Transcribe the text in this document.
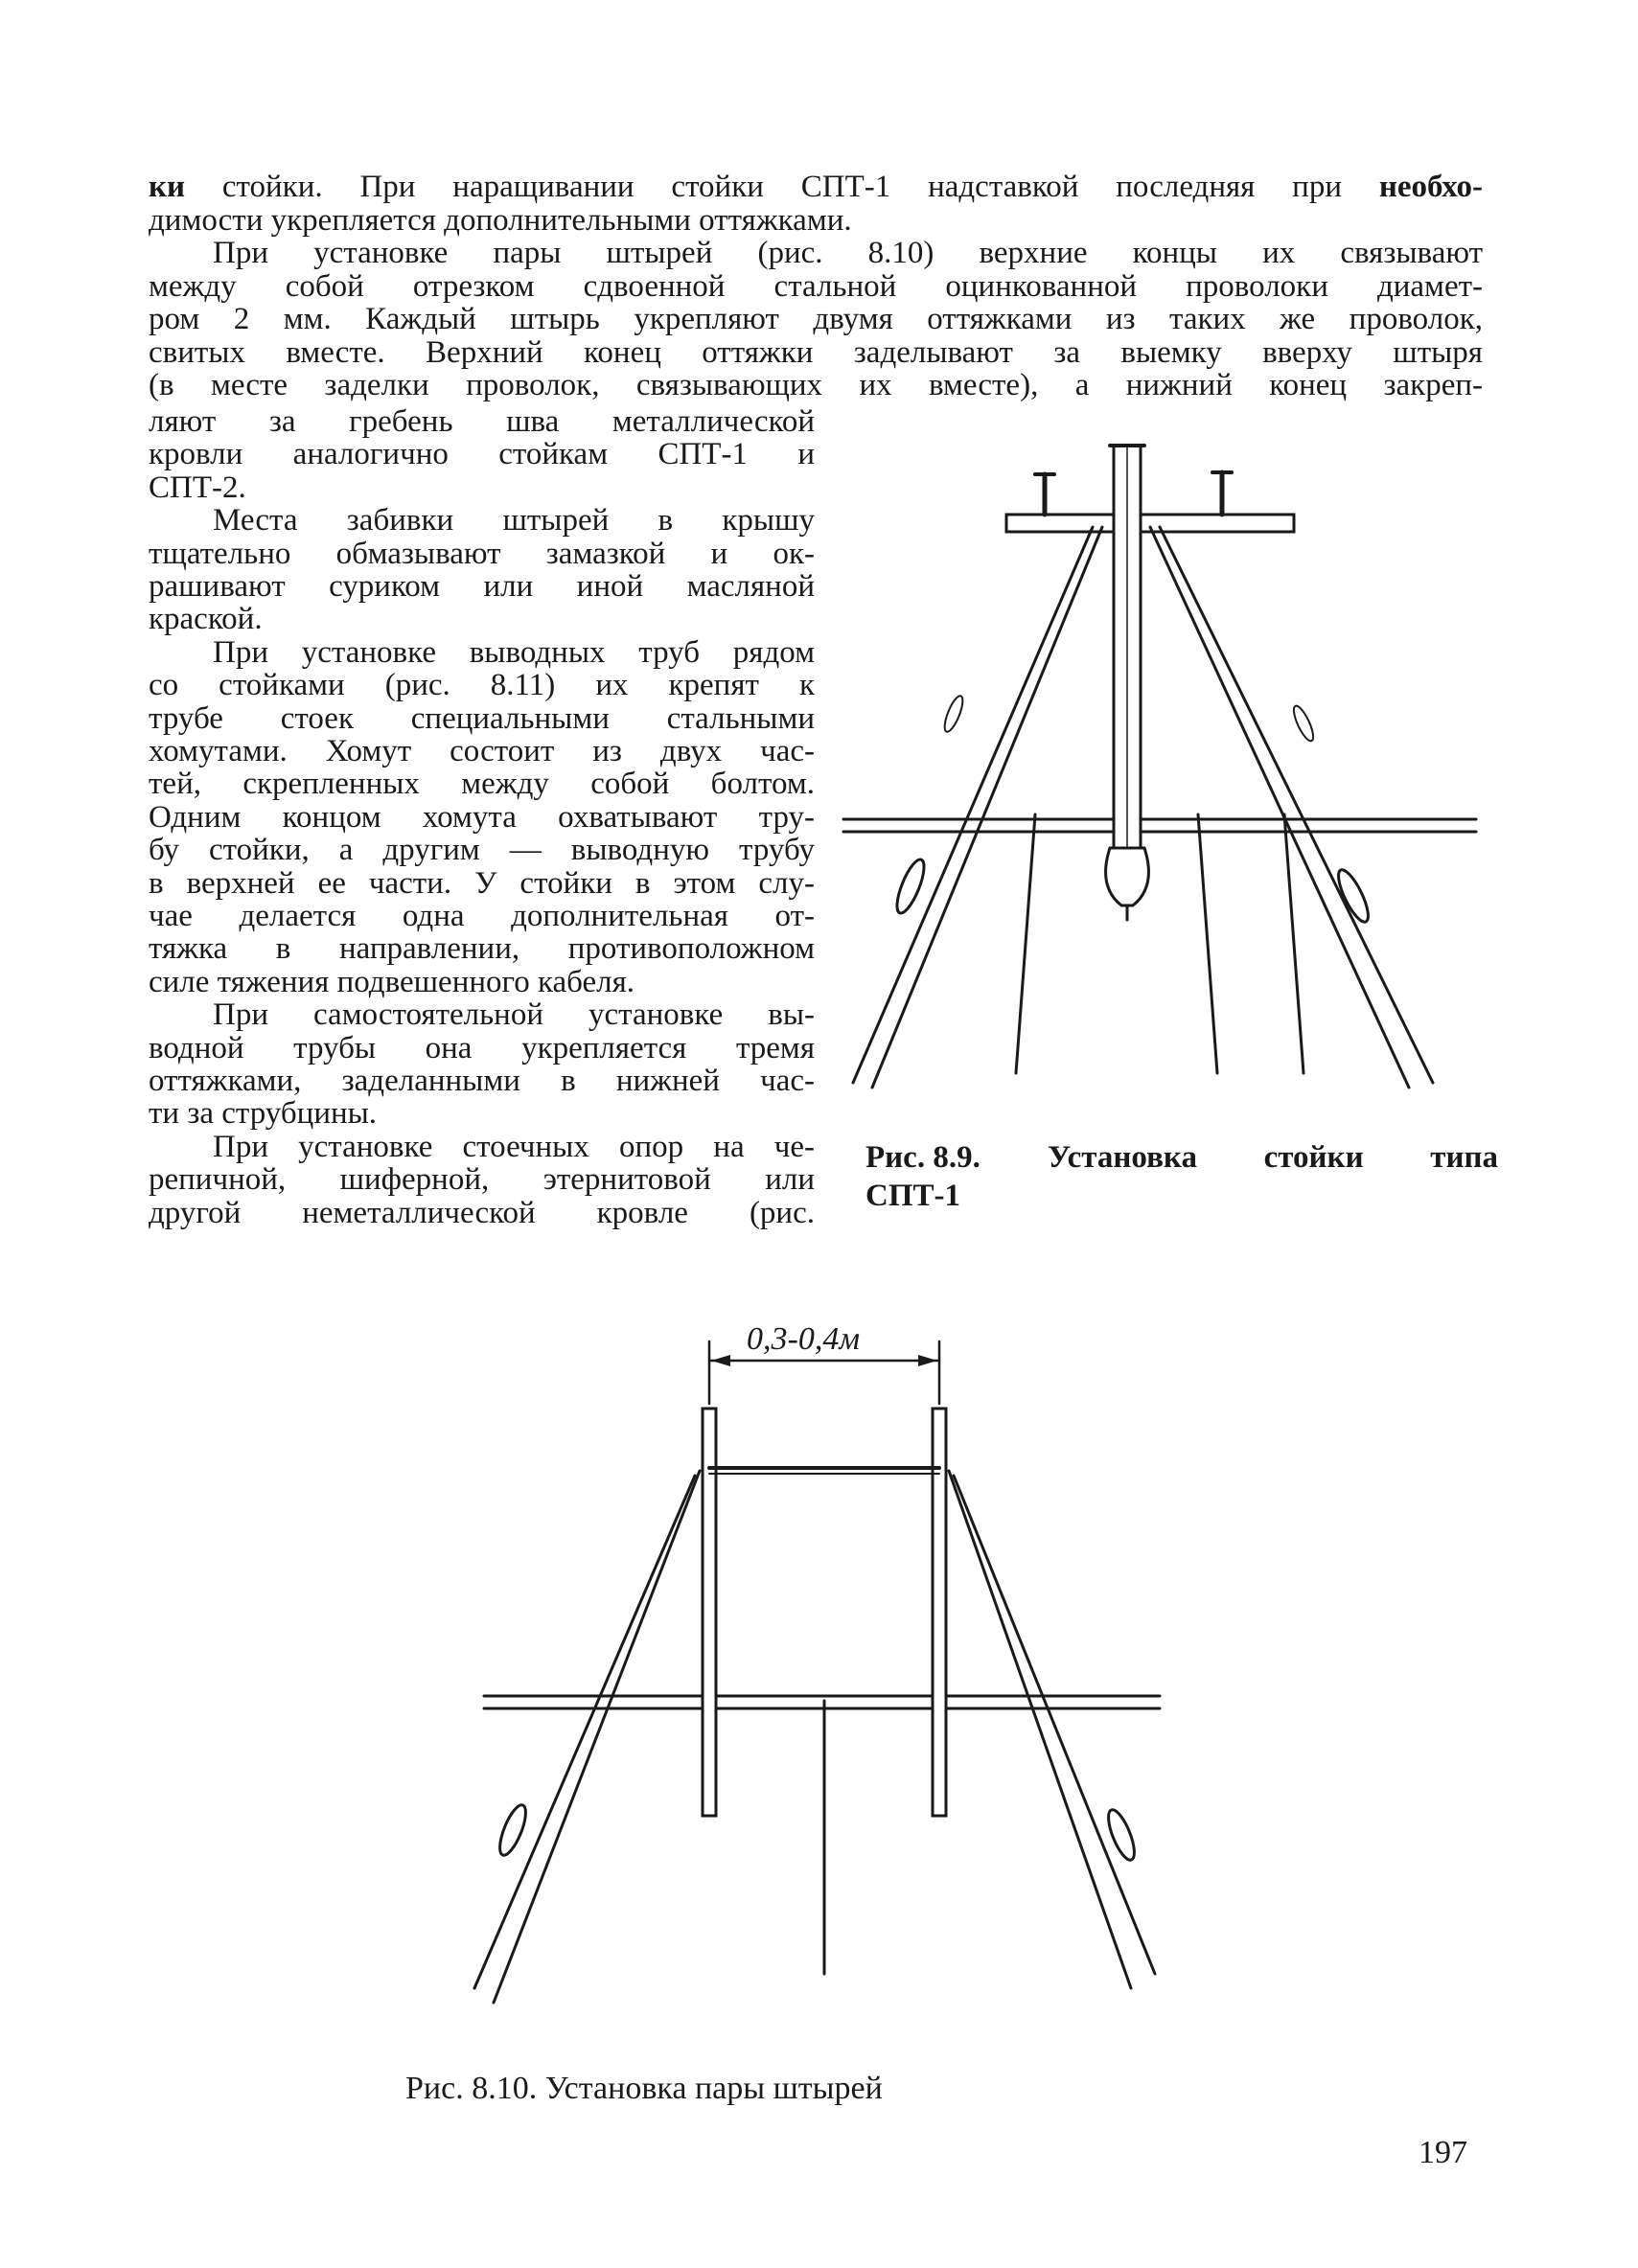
ки стойки. При наращивании стойки СПТ-1 надставкой последняя при необхо-
димости укрепляется дополнительными оттяжками.
При установке пары штырей (рис. 8.10) верхние концы их связывают
между собой отрезком сдвоенной стальной оцинкованной проволоки диамет-
ром 2 мм. Каждый штырь укрепляют двумя оттяжками из таких же проволок,
свитых вместе. Верхний конец оттяжки заделывают за выемку вверху штыря
(в месте заделки проволок, связывающих их вместе), а нижний конец закреп-
ляют за гребень шва металлической
кровли аналогично стойкам СПТ-1 и
СПТ-2.
Места забивки штырей в крышу
тщательно обмазывают замазкой и ок-
рашивают суриком или иной масляной
краской.
При установке выводных труб рядом
со стойками (рис. 8.11) их крепят к
трубе стоек специальными стальными
хомутами. Хомут состоит из двух час-
тей, скрепленных между собой болтом.
Одним концом хомута охватывают тру-
бу стойки, а другим — выводную трубу
в верхней ее части. У стойки в этом слу-
чае делается одна дополнительная от-
тяжка в направлении, противоположном
силе тяжения подвешенного кабеля.
При самостоятельной установке вы-
водной трубы она укрепляется тремя
оттяжками, заделанными в нижней час-
ти за струбцины.
При установке стоечных опор на че-
репичной, шиферной, этернитовой или
другой неметаллической кровле (рис.
Рис. 8.9. Установка стойки типа
СПТ-1
0,3-0,4м
Рис. 8.10. Установка пары штырей
197
